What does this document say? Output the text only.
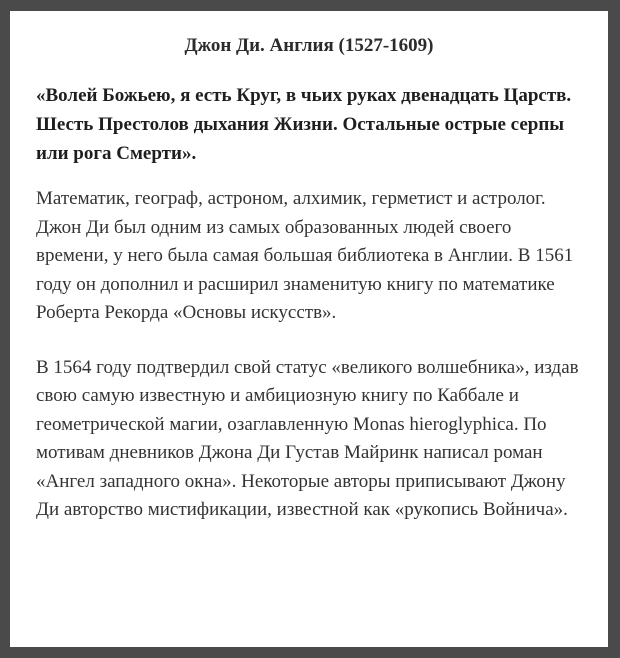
Джон Ди. Англия (1527-1609)
«Волей Божьею, я есть Круг, в чьих руках двенадцать Царств. Шесть Престолов дыхания Жизни. Остальные острые серпы или рога Смерти».
Математик, географ, астроном, алхимик, герметист и астролог. Джон Ди был одним из самых образованных людей своего времени, у него была самая большая библиотека в Англии. В 1561 году он дополнил и расширил знаменитую книгу по математике Роберта Рекорда «Основы искусств».
В 1564 году подтвердил свой статус «великого волшебника», издав свою самую известную и амбициозную книгу по Каббале и геометрической магии, озаглавленную Monas hieroglyphica. По мотивам дневников Джона Ди Густав Майринк написал роман «Ангел западного окна». Некоторые авторы приписывают Джону Ди авторство мистификации, известной как «рукопись Войнича».
